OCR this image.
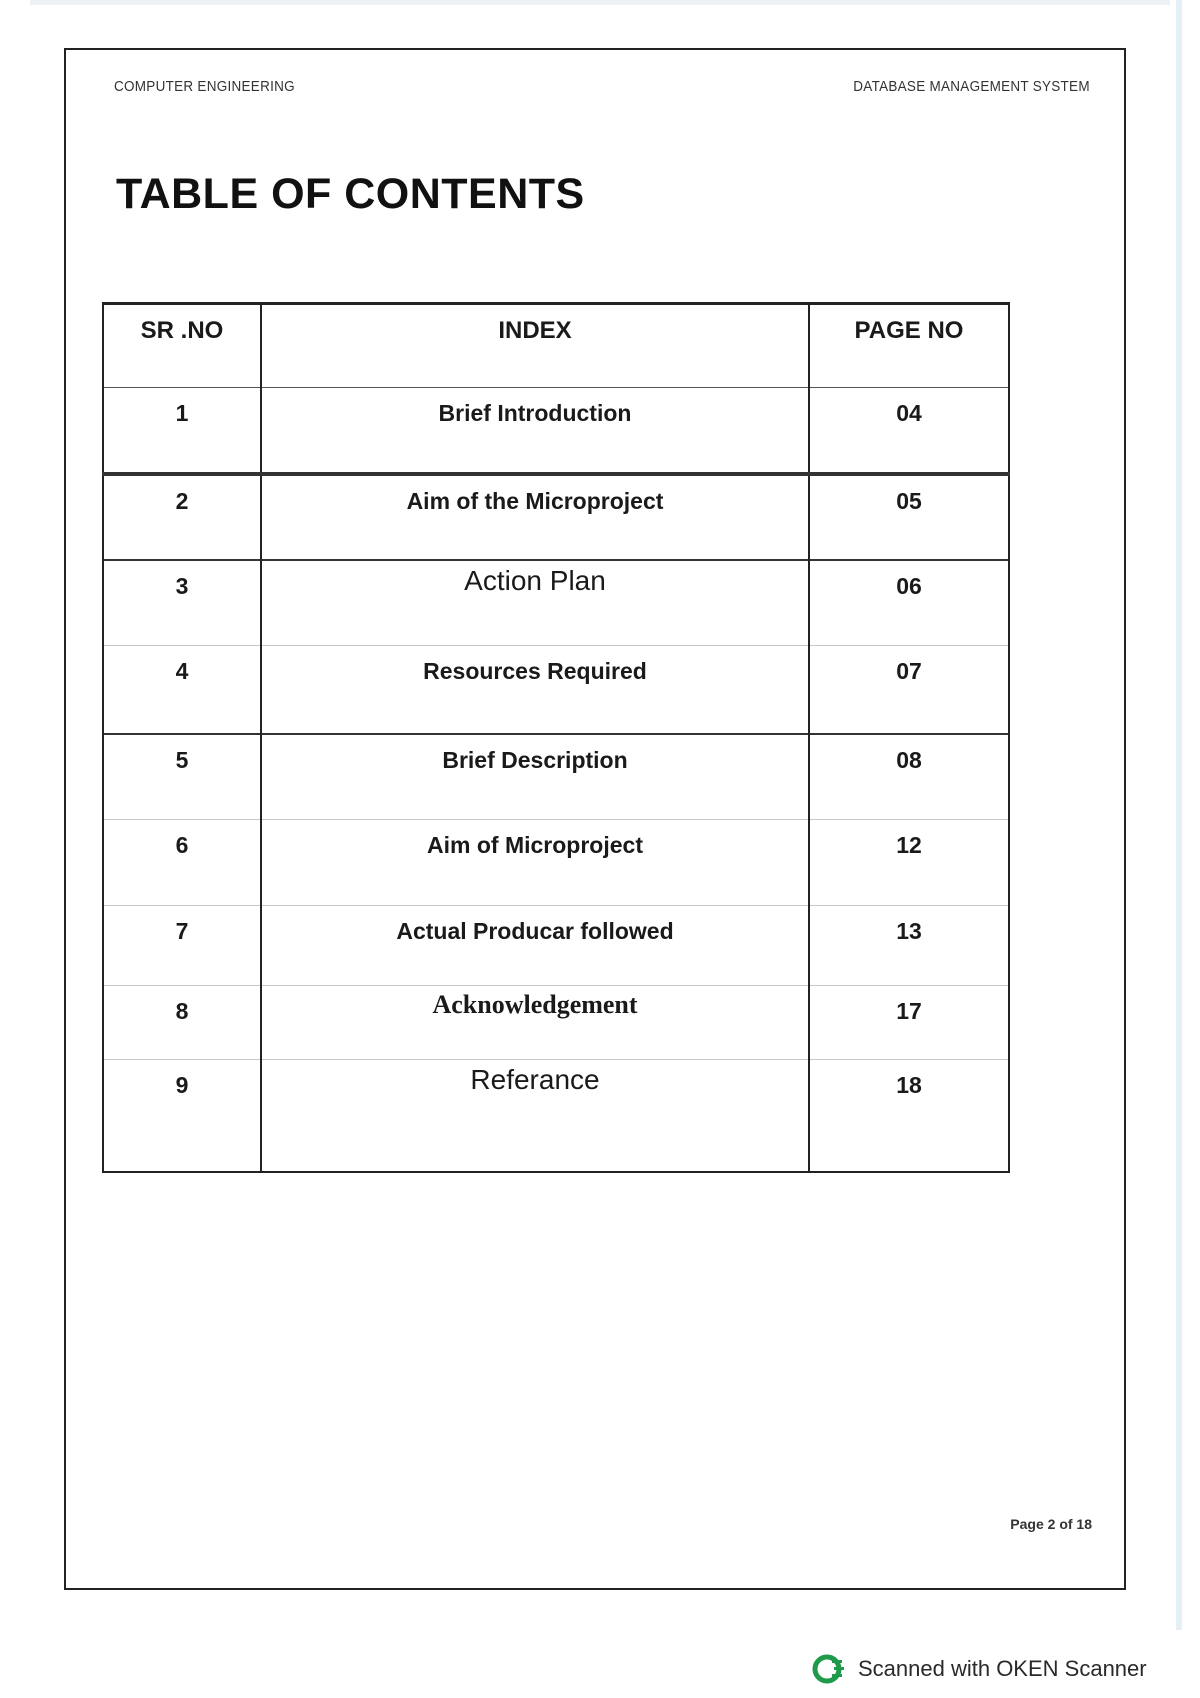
COMPUTER ENGINEERING	DATABASE MANAGEMENT SYSTEM
TABLE OF CONTENTS
SR .NO	INDEX	PAGE NO
1	Brief Introduction	04
2	Aim of the Microproject	05
3	Action Plan	06
4	Resources Required	07
5	Brief Description	08
6	Aim of Microproject	12
7	Actual Producar followed	13
8	Acknowledgement	17
9	Referance	18
Page 2 of 18
Scanned with OKEN Scanner
